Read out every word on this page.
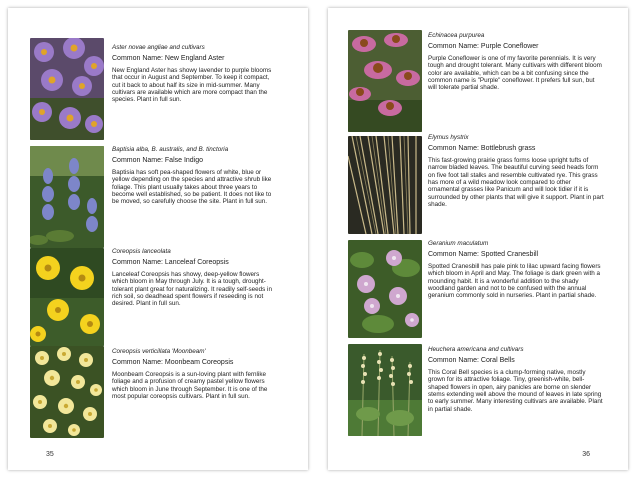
Aster novae angliae and cultivars
Common Name: New England Aster
New England Aster has showy lavender to purple blooms that occur in August and September. To keep it compact, cut it back to about half its size in mid-summer. Many cultivars are available which are more compact than the species. Plant in full sun.
Baptisia alba, B. australis, and B. tinctoria
Common Name: False Indigo
Baptisia has soft pea-shaped flowers of white, blue or yellow depending on the species and attractive shrub like foliage. This plant usually takes about three years to become well established, so be patient. It does not like to be moved, so carefully choose the site. Plant in full sun.
Coreopsis lanceolata
Common Name: Lanceleaf Coreopsis
Lanceleaf Coreopsis has showy, deep-yellow flowers which bloom in May through July. It is a tough, drought-tolerant plant great for naturalizing. It readily self-seeds in rich soil, so deadhead spent flowers if reseeding is not desired. Plant in full sun.
Coreopsis verticillata 'Moonbeam'
Common Name: Moonbeam Coreopsis
Moonbeam Coreopsis is a sun-loving plant with fernlike foliage and a profusion of creamy pastel yellow flowers which bloom in June through September. It is one of the most popular coreopsis cultivars. Plant in full sun.
35
Echinacea purpurea
Common Name: Purple Coneflower
Purple Coneflower is one of my favorite perennials. It is very tough and drought tolerant. Many cultivars with different bloom color are available, which can be a bit confusing since the common name is "Purple" coneflower. It prefers full sun, but will tolerate partial shade.
Elymus hystrix
Common Name: Bottlebrush grass
This fast-growing prairie grass forms loose upright tufts of narrow bladed leaves. The beautiful curving seed heads form on five foot tall stalks and resemble cultivated rye. This grass has more of a wild meadow look compared to other ornamental grasses like Panicum and will look tidier if it is surrounded by other plants that will give it support. Plant in part shade.
Geranium maculatum
Common Name: Spotted Cranesbill
Spotted Cranesbill has pale pink to lilac upward facing flowers which bloom in April and May. The foliage is dark green with a mounding habit. It is a wonderful addition to the shady woodland garden and not to be confused with the annual geranium commonly sold in nurseries. Plant in partial shade.
Heuchera americana and cultivars
Common Name: Coral Bells
This Coral Bell species is a clump-forming native, mostly grown for its attractive foliage. Tiny, greenish-white, bell-shaped flowers in open, airy panicles are borne on slender stems extending well above the mound of leaves in late spring to early summer. Many interesting cultivars are available. Plant in partial shade.
36
